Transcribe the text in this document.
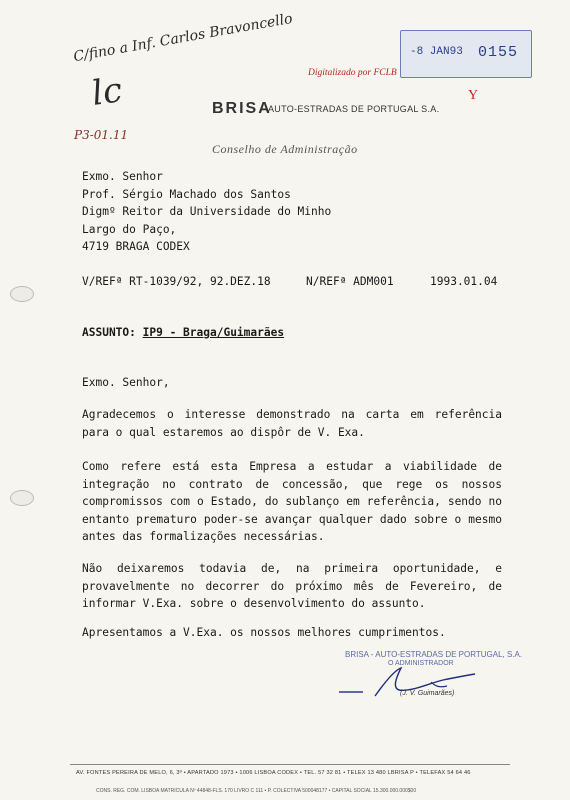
C/fino a Inf. Carlos Bravoncello
lc
P3-01.11
-8 JAN93 0155
Y
Digitalizado por FCLB
BRISA
AUTO-ESTRADAS DE PORTUGAL S.A.
Conselho de Administração
Exmo. Senhor
Prof. Sérgio Machado dos Santos
Digmº Reitor da Universidade do Minho
Largo do Paço,
4719 BRAGA CODEX
V/REFª RT-1039/92, 92.DEZ.18	N/REFª ADM001	1993.01.04
ASSUNTO: IP9 - Braga/Guimarães
Exmo. Senhor,
Agradecemos o interesse demonstrado na carta em referência para o qual estaremos ao dispôr de V. Exa.
Como refere está esta Empresa a estudar a viabilidade de integração no contrato de concessão, que rege os nossos compromissos com o Estado, do sublanço em referência, sendo no entanto prematuro poder-se avançar qualquer dado sobre o mesmo antes das formalizações necessárias.
Não deixaremos todavia de, na primeira oportunidade, e provavelmente no decorrer do próximo mês de Fevereiro, de informar V.Exa. sobre o desenvolvimento do assunto.
Apresentamos a V.Exa. os nossos melhores cumprimentos.
BRISA - AUTO-ESTRADAS DE PORTUGAL, S.A.
O ADMINISTRADOR
(J. V. Guimarães)
AV. FONTES PEREIRA DE MELO, 6, 3º • APARTADO 1973 • 1006 LISBOA CODEX • TEL. 57 32 81 • TELEX 13 480 LBRISA P • TELEFAX 54 64 46
CONS. REG. COM. LISBOA MATRICULA Nº 44848-FLS. 170 LIVRO C 111 • P. COLECTIVA 500048177 • CAPITAL SOCIAL 15.300.000.000$00
